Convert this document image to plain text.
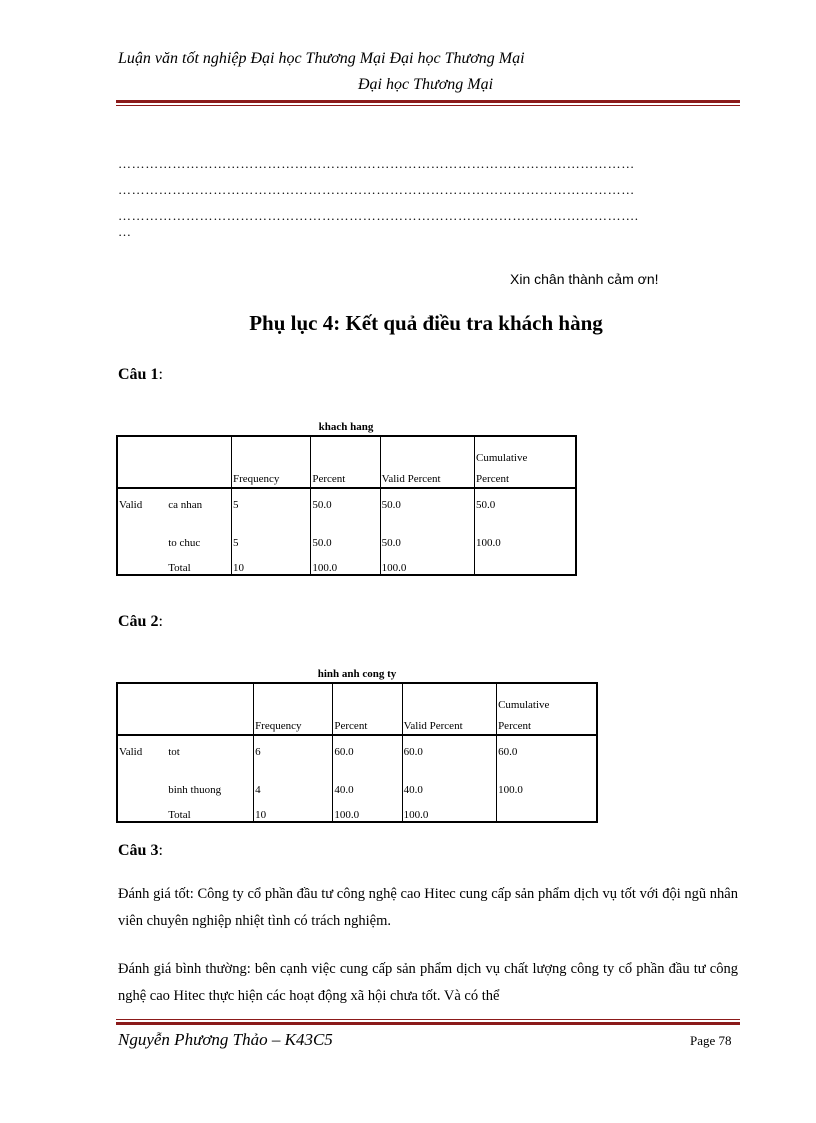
Luận văn tốt nghiệp Đại học Thương Mại Đại học Thương Mại
Đại học Thương Mại
……………………………………………………………………………………………………
……………………………………………………………………………………………………
…………………………………………………………………………………………………….
…
Xin chân thành cảm ơn!
Phụ lục 4: Kết quả điều tra khách hàng
Câu 1:
khach hang
		Frequency	Percent	Valid Percent	Cumulative
Percent

Valid	ca nhan	5	50.0	50.0	50.0
	to chuc	5	50.0	50.0	100.0
	Total	10	100.0	100.0	
Câu 2:
hinh anh cong ty
		Frequency	Percent	Valid Percent	Cumulative
Percent

Valid	tot	6	60.0	60.0	60.0
	binh thuong	4	40.0	40.0	100.0
	Total	10	100.0	100.0	
Câu 3:
Đánh giá tốt: Công ty cổ phần đầu tư công nghệ cao Hitec cung cấp sản phẩm dịch vụ tốt với đội ngũ nhân viên chuyên nghiệp nhiệt tình có trách nghiệm.
Đánh giá bình thường: bên cạnh việc cung cấp sản phẩm dịch vụ chất lượng công ty cổ phần đầu tư công nghệ cao Hitec thực hiện các hoạt động xã hội chưa tốt. Và có thể
Nguyễn Phương Thảo – K43C5	Page 78
